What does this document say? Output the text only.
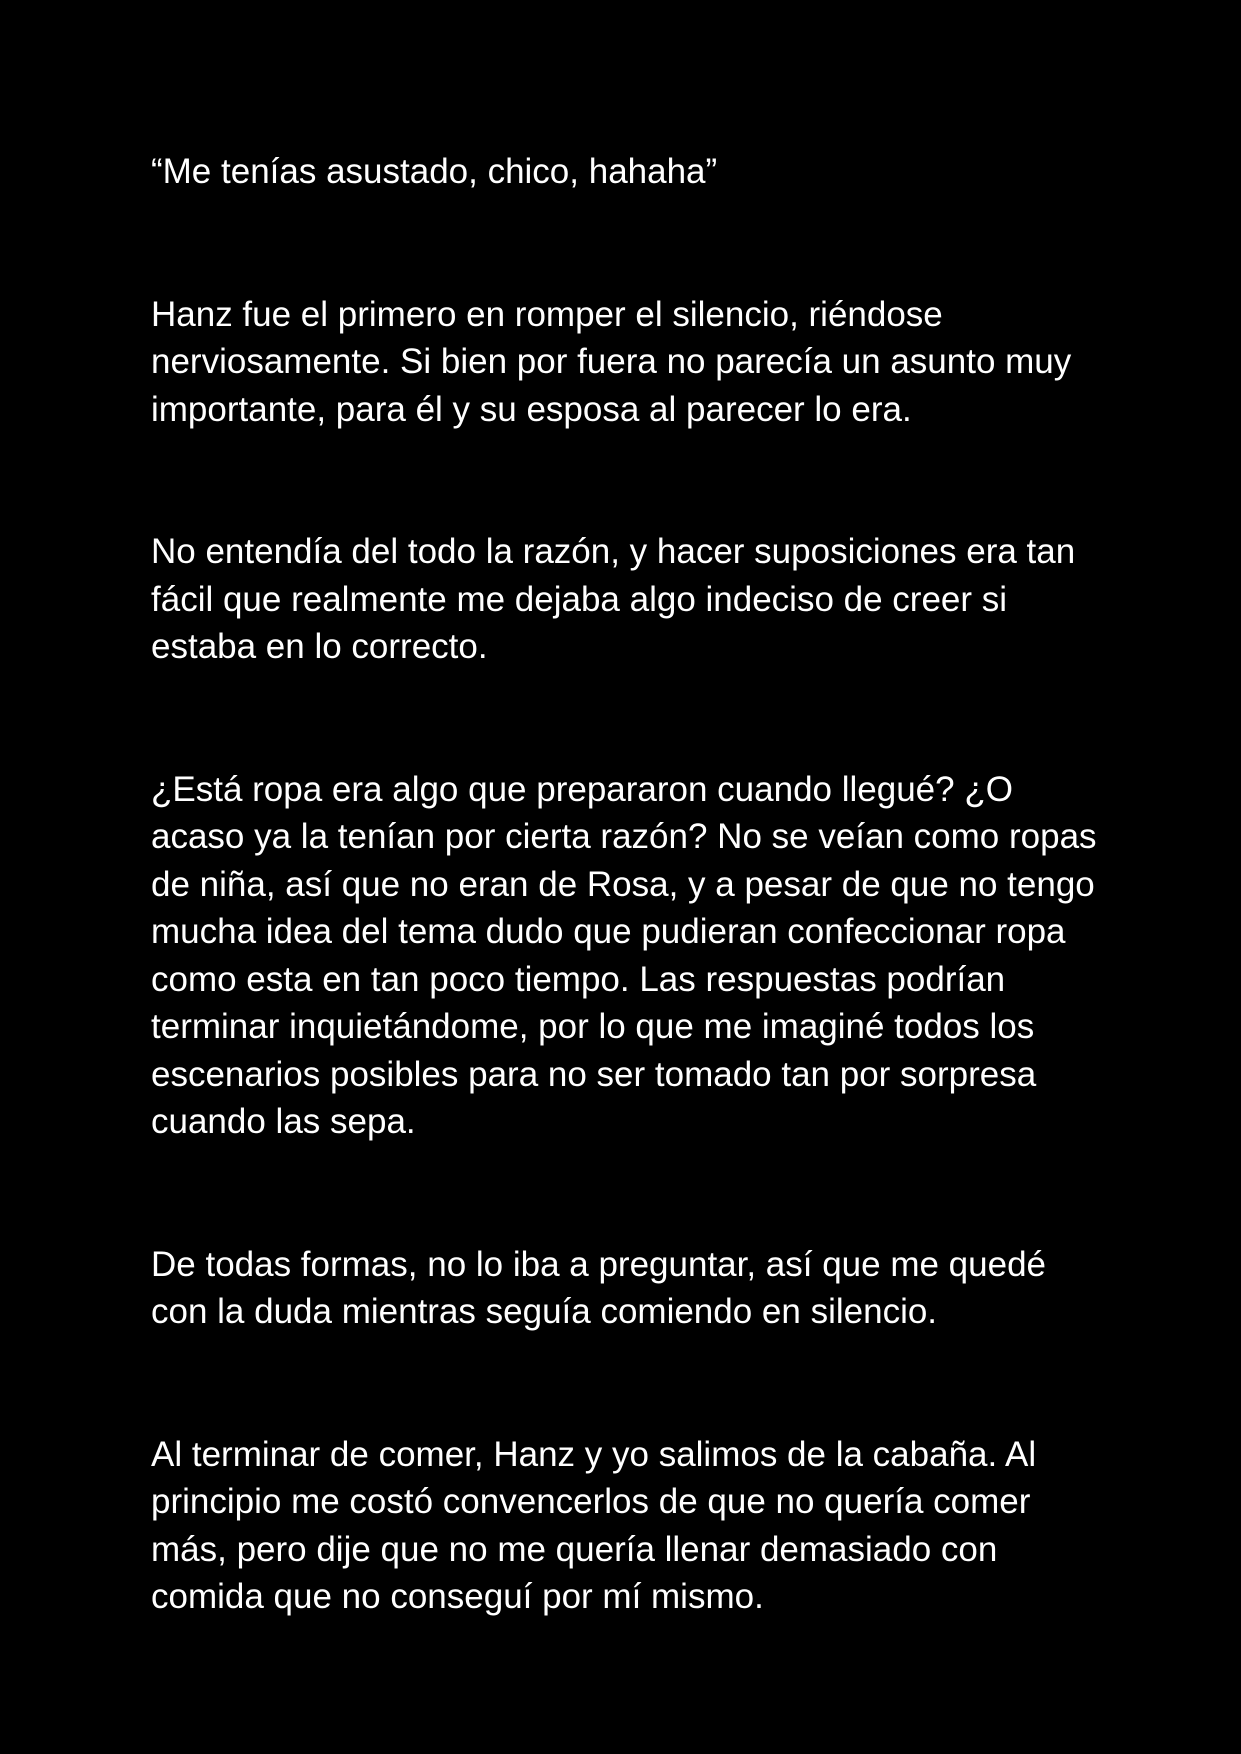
“Me tenías asustado, chico, hahaha”

Hanz fue el primero en romper el silencio, riéndose nerviosamente. Si bien por fuera no parecía un asunto muy importante, para él y su esposa al parecer lo era.

No entendía del todo la razón, y hacer suposiciones era tan fácil que realmente me dejaba algo indeciso de creer si estaba en lo correcto.

¿Está ropa era algo que prepararon cuando llegué? ¿O acaso ya la tenían por cierta razón? No se veían como ropas de niña, así que no eran de Rosa, y a pesar de que no tengo mucha idea del tema dudo que pudieran confeccionar ropa como esta en tan poco tiempo. Las respuestas podrían terminar inquietándome, por lo que me imaginé todos los escenarios posibles para no ser tomado tan por sorpresa cuando las sepa.

De todas formas, no lo iba a preguntar, así que me quedé con la duda mientras seguía comiendo en silencio.

Al terminar de comer, Hanz y yo salimos de la cabaña. Al principio me costó convencerlos de que no quería comer más, pero dije que no me quería llenar demasiado con comida que no conseguí por mí mismo.
